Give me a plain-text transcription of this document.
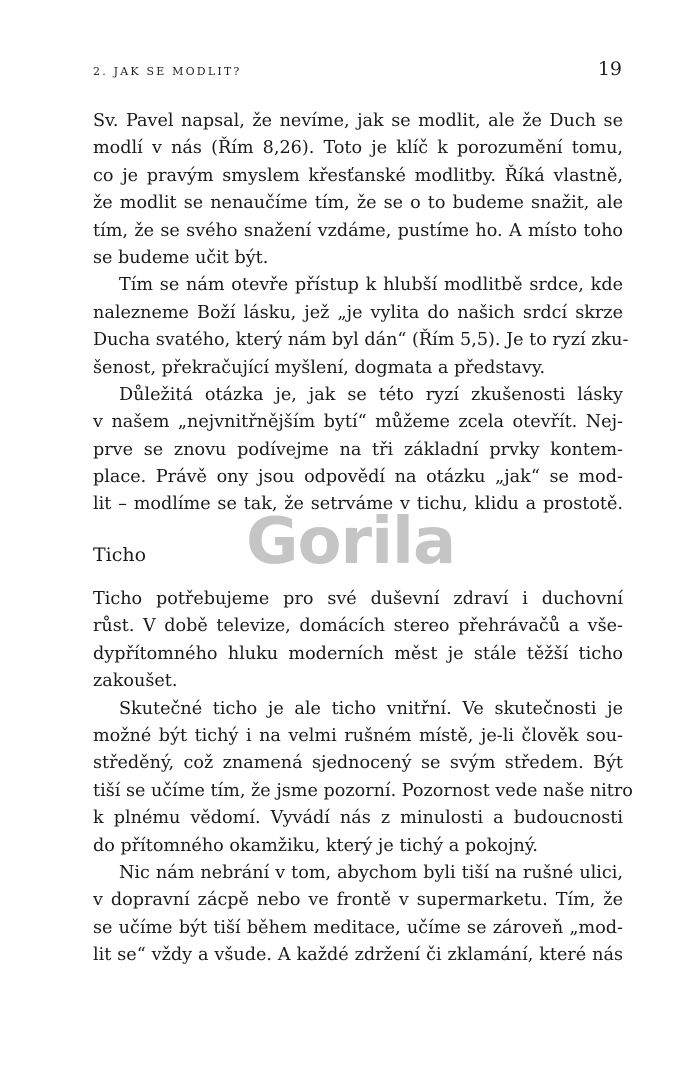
2. JAK SE MODLIT?	19
Sv. Pavel napsal, že nevíme, jak se modlit, ale že Duch se
modlí v nás (Řím 8,26). Toto je klíč k porozumění tomu,
co je pravým smyslem křesťanské modlitby. Říká vlastně,
že modlit se nenaučíme tím, že se o to budeme snažit, ale
tím, že se svého snažení vzdáme, pustíme ho. A místo toho
se budeme učit být.
Tím se nám otevře přístup k hlubší modlitbě srdce, kde
nalezneme Boží lásku, jež „je vylita do našich srdcí skrze
Ducha svatého, který nám byl dán“ (Řím 5,5). Je to ryzí zku-
šenost, překračující myšlení, dogmata a představy.
Důležitá otázka je, jak se této ryzí zkušenosti lásky
v našem „nejvnitřnějším bytí“ můžeme zcela otevřít. Nej-
prve se znovu podívejme na tři základní prvky kontem-
place. Právě ony jsou odpovědí na otázku „jak“ se mod-
lit – modlíme se tak, že setrváme v tichu, klidu a prostotě.
Ticho
Ticho potřebujeme pro své duševní zdraví i duchovní
růst. V době televize, domácích stereo přehrávačů a vše-
dypřítomného hluku moderních měst je stále těžší ticho
zakoušet.
Skutečné ticho je ale ticho vnitřní. Ve skutečnosti je
možné být tichý i na velmi rušném místě, je-li člověk sou-
středěný, což znamená sjednocený se svým středem. Být
tiší se učíme tím, že jsme pozorní. Pozornost vede naše nitro
k plnému vědomí. Vyvádí nás z minulosti a budoucnosti
do přítomného okamžiku, který je tichý a pokojný.
Nic nám nebrání v tom, abychom byli tiší na rušné ulici,
v dopravní zácpě nebo ve frontě v supermarketu. Tím, že
se učíme být tiší během meditace, učíme se zároveň „mod-
lit se“ vždy a všude. A každé zdržení či zklamání, které nás
Gorila
